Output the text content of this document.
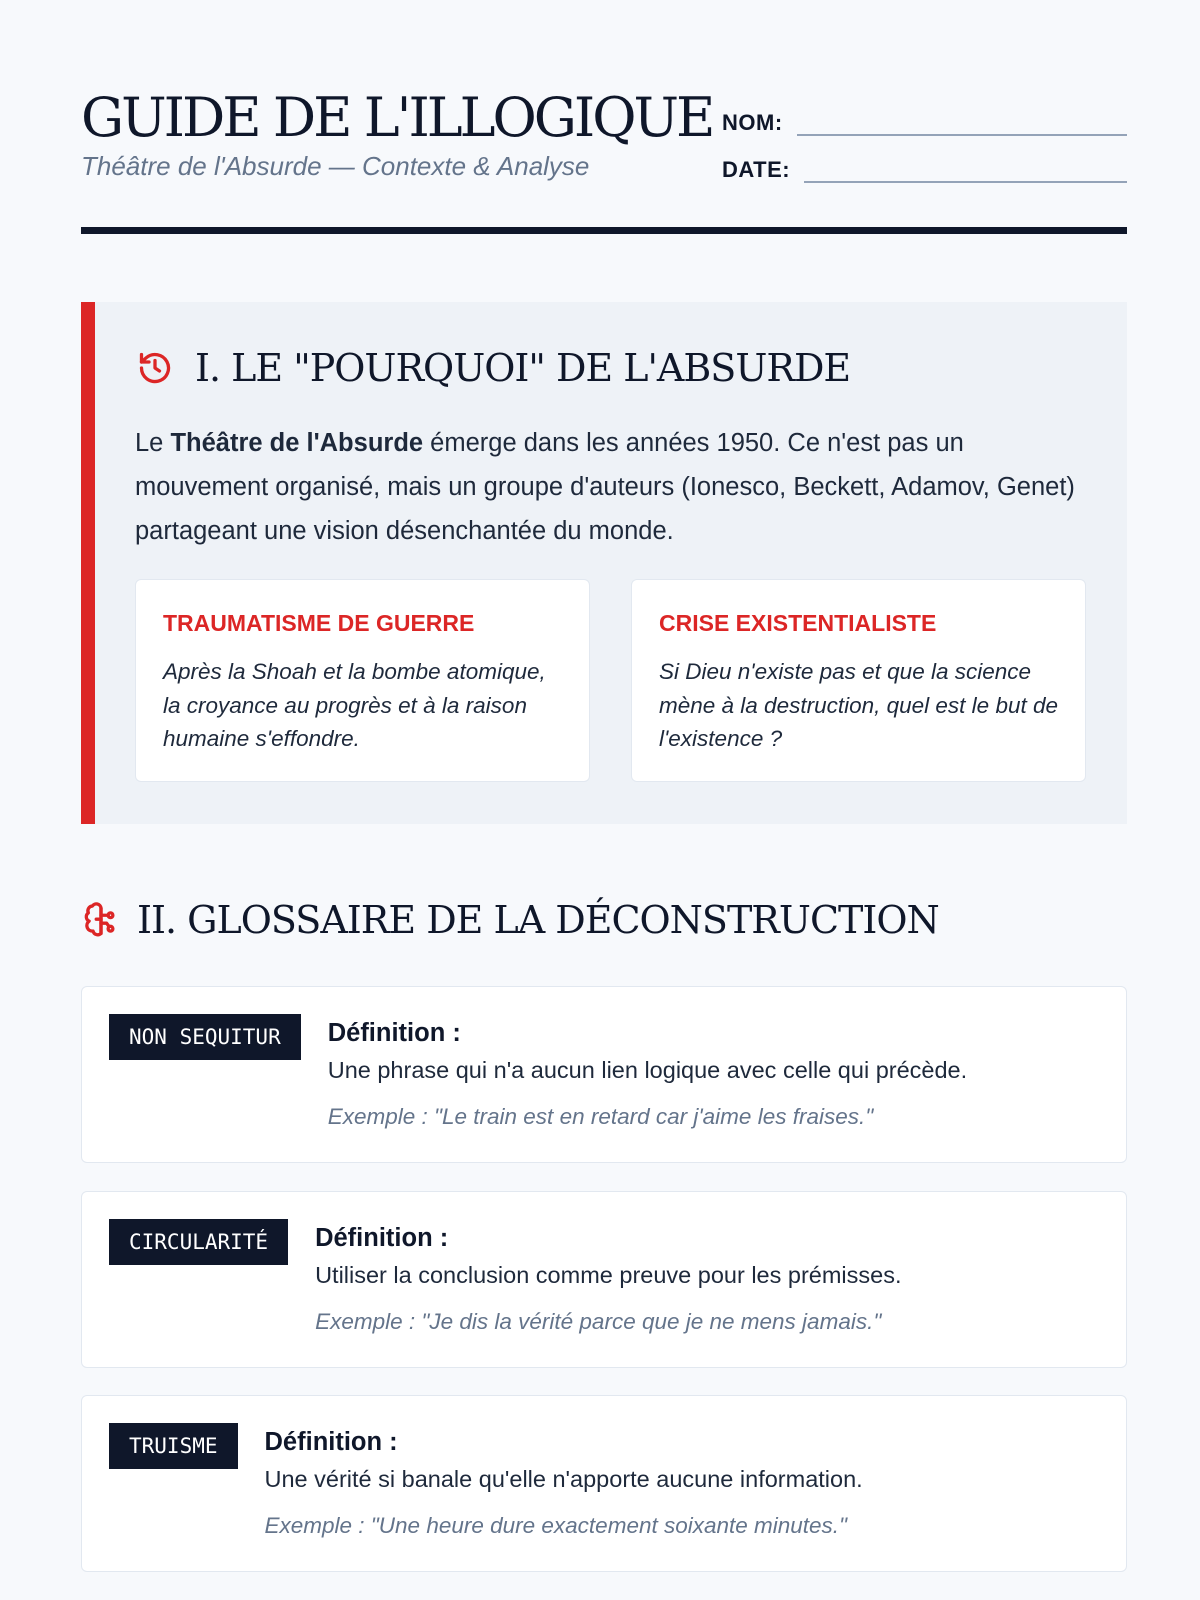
GUIDE DE L'ILLOGIQUE
Théâtre de l'Absurde — Contexte & Analyse
NOM:
DATE:
I. LE "POURQUOI" DE L'ABSURDE

Le Théâtre de l'Absurde émerge dans les années 1950. Ce n'est pas un mouvement organisé, mais un groupe d'auteurs (Ionesco, Beckett, Adamov, Genet) partageant une vision désenchantée du monde.

TRAUMATISME DE GUERRE

Après la Shoah et la bombe atomique, la croyance au progrès et à la raison humaine s'effondre.

CRISE EXISTENTIALISTE

Si Dieu n'existe pas et que la science mène à la destruction, quel est le but de l'existence ?

II. GLOSSAIRE DE LA DÉCONSTRUCTION
NON SEQUITUR	Définition :
Une phrase qui n'a aucun lien logique avec celle qui précède.
Exemple : "Le train est en retard car j'aime les fraises."
CIRCULARITÉ	Définition :
Utiliser la conclusion comme preuve pour les prémisses.
Exemple : "Je dis la vérité parce que je ne mens jamais."
TRUISME	Définition :
Une vérité si banale qu'elle n'apporte aucune information.
Exemple : "Une heure dure exactement soixante minutes."
